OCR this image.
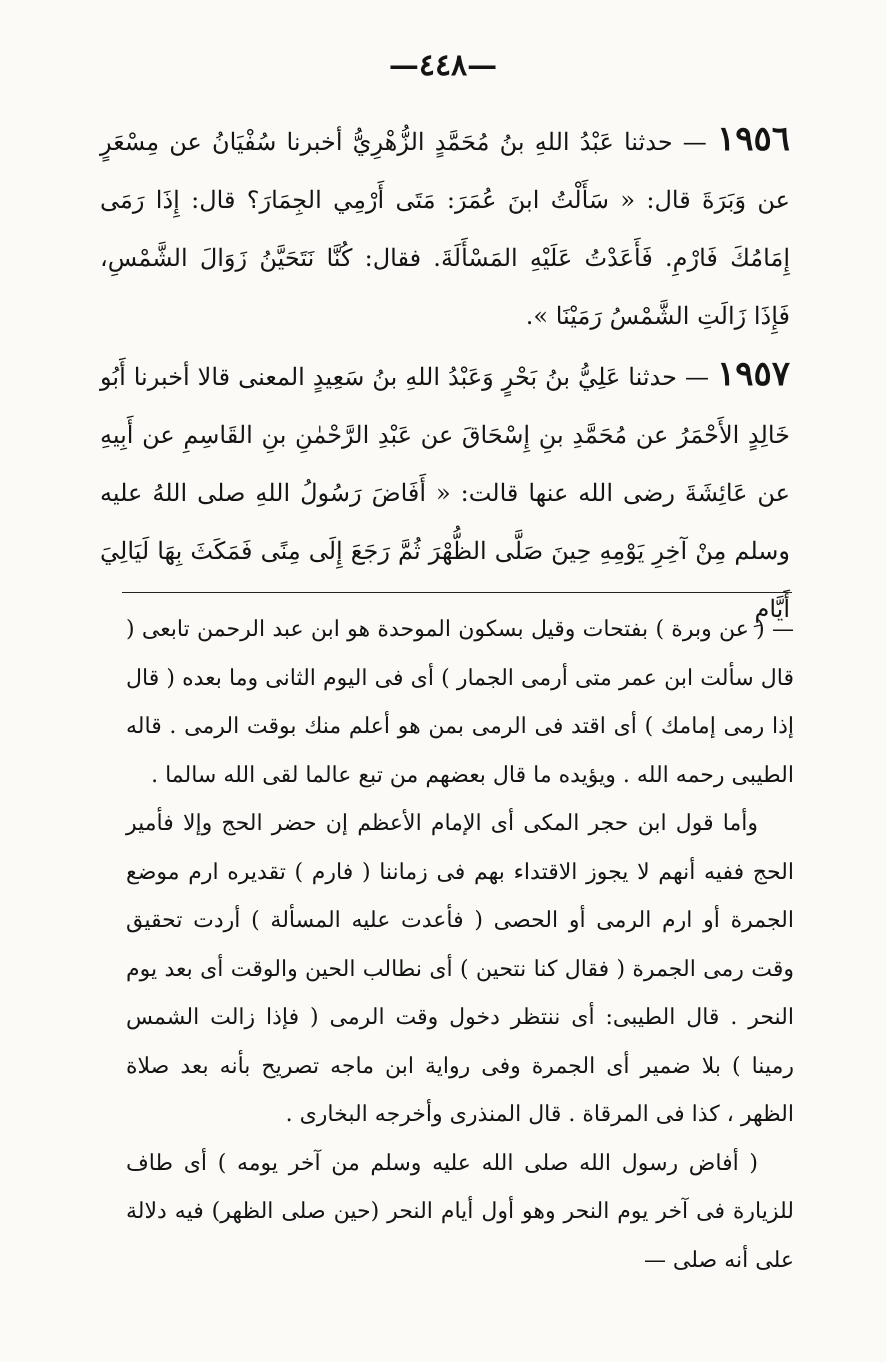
—٤٤٨—

١٩٥٦ — حدثنا عَبْدُ اللهِ بنُ مُحَمَّدٍ الزُّهْرِيُّ أخبرنا سُفْيَانُ عن مِسْعَرٍ عن وَبَرَةَ قال: « سَأَلْتُ ابنَ عُمَرَ: مَتَى أَرْمِي الجِمَارَ؟ قال: إِذَا رَمَى إِمَامُكَ فَارْمِ. فَأَعَدْتُ عَلَيْهِ المَسْأَلَةَ. فقال: كُنَّا نَتَحَيَّنُ زَوَالَ الشَّمْسِ، فَإِذَا زَالَتِ الشَّمْسُ رَمَيْنَا ».

١٩٥٧ — حدثنا عَلِيُّ بنُ بَحْرٍ وَعَبْدُ اللهِ بنُ سَعِيدٍ المعنى قالا أخبرنا أَبُو خَالِدٍ الأَحْمَرُ عن مُحَمَّدِ بنِ إِسْحَاقَ عن عَبْدِ الرَّحْمٰنِ بنِ القَاسِمِ عن أَبِيهِ عن عَائِشَةَ رضى الله عنها قالت: « أَفَاضَ رَسُولُ اللهِ صلى اللهُ عليه وسلم مِنْ آخِرِ يَوْمِهِ حِينَ صَلَّى الظُّهْرَ ثُمَّ رَجَعَ إِلَى مِنًى فَمَكَثَ بِهَا لَيَالِيَ أَيَّامِ

— ( عن وبرة ) بفتحات وقيل بسكون الموحدة هو ابن عبد الرحمن تابعى ( قال سألت ابن عمر متى أرمى الجمار ) أى فى اليوم الثانى وما بعده ( قال إذا رمى إمامك ) أى اقتد فى الرمى بمن هو أعلم منك بوقت الرمى . قاله الطيبى رحمه الله . ويؤيده ما قال بعضهم من تبع عالما لقى الله سالما .

وأما قول ابن حجر المكى أى الإمام الأعظم إن حضر الحج وإلا فأمير الحج ففيه أنهم لا يجوز الاقتداء بهم فى زماننا ( فارم ) تقديره ارم موضع الجمرة أو ارم الرمى أو الحصى ( فأعدت عليه المسألة ) أردت تحقيق وقت رمى الجمرة ( فقال كنا نتحين ) أى نطالب الحين والوقت أى بعد يوم النحر . قال الطيبى: أى ننتظر دخول وقت الرمى ( فإذا زالت الشمس رمينا ) بلا ضمير أى الجمرة وفى رواية ابن ماجه تصريح بأنه بعد صلاة الظهر ، كذا فى المرقاة . قال المنذرى وأخرجه البخارى .

( أفاض رسول الله صلى الله عليه وسلم من آخر يومه ) أى طاف للزيارة فى آخر يوم النحر وهو أول أيام النحر (حين صلى الظهر) فيه دلالة على أنه صلى —
